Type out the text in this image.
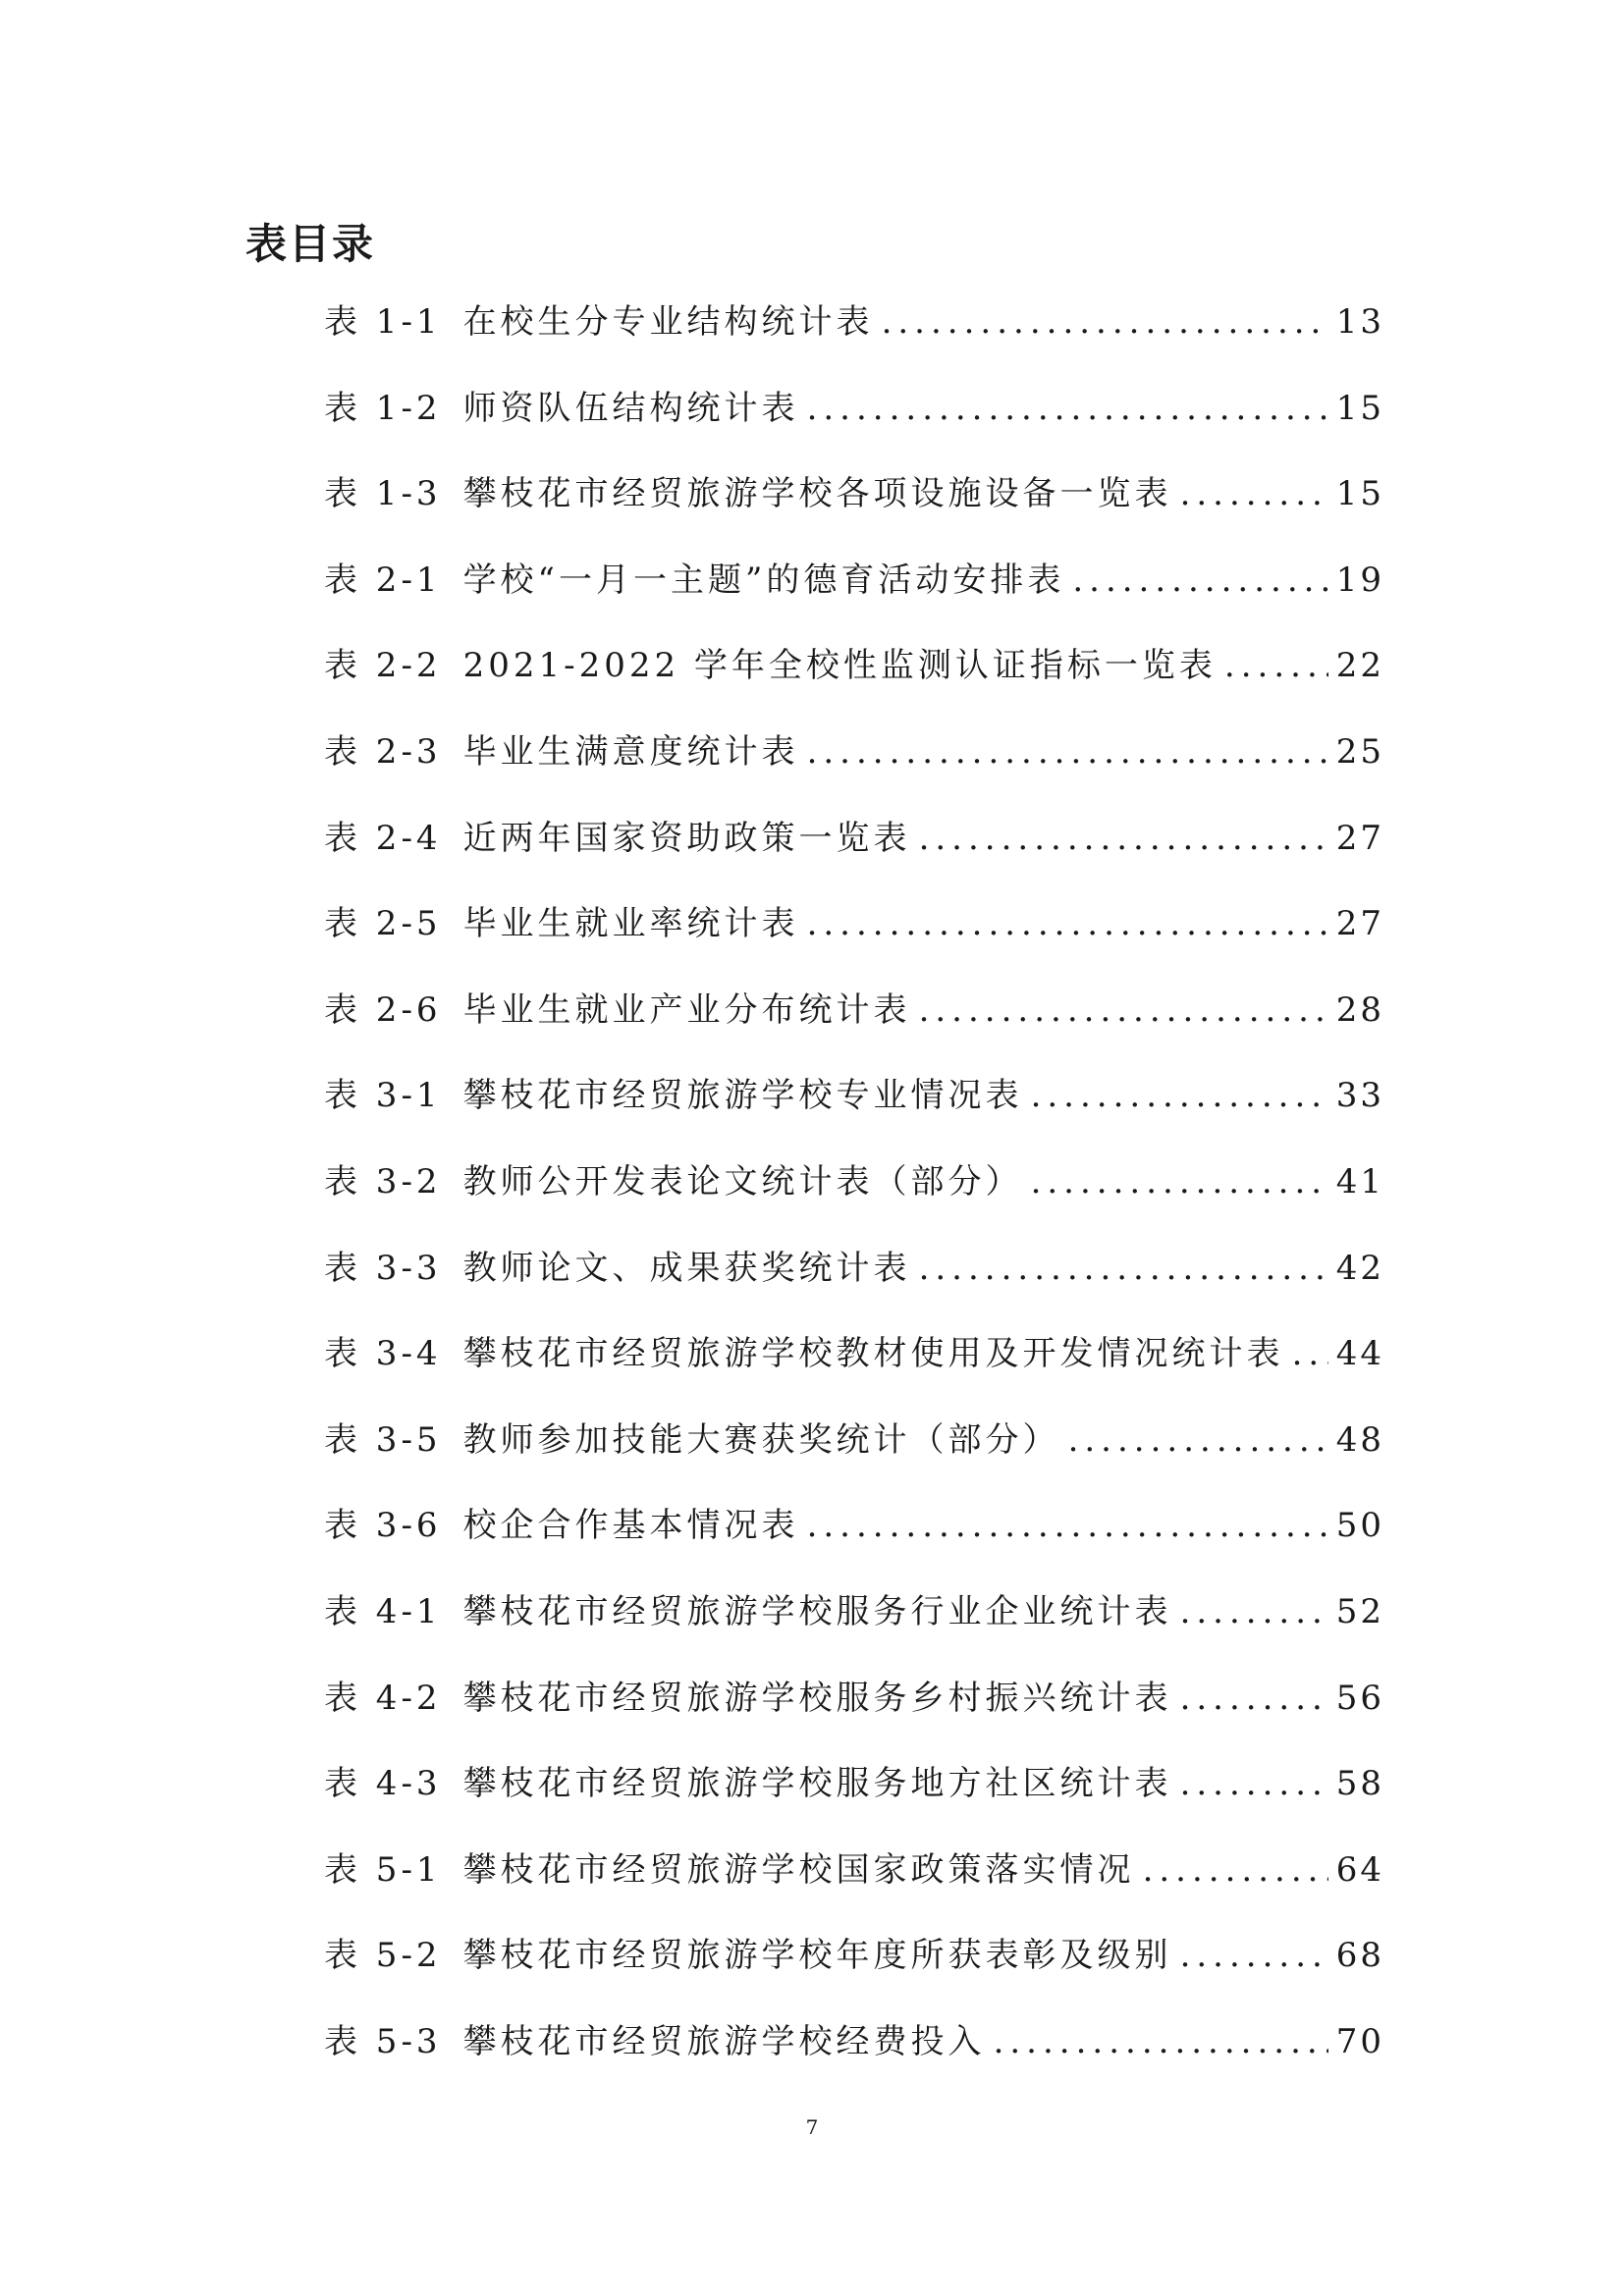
表目录
表 1-1 在校生分专业结构统计表 .....	13
表 1-2 师资队伍结构统计表 .....	15
表 1-3 攀枝花市经贸旅游学校各项设施设备一览表 .....	15
表 2-1 学校“一月一主题”的德育活动安排表 .....	19
表 2-2 2021-2022 学年全校性监测认证指标一览表 .....	22
表 2-3 毕业生满意度统计表 .....	25
表 2-4 近两年国家资助政策一览表 .....	27
表 2-5 毕业生就业率统计表 .....	27
表 2-6 毕业生就业产业分布统计表 .....	28
表 3-1 攀枝花市经贸旅游学校专业情况表 .....	33
表 3-2 教师公开发表论文统计表（部分） .....	41
表 3-3 教师论文、成果获奖统计表 .....	42
表 3-4 攀枝花市经贸旅游学校教材使用及开发情况统计表 ..... 44
表 3-5 教师参加技能大赛获奖统计（部分） .....	48
表 3-6 校企合作基本情况表 .....	50
表 4-1 攀枝花市经贸旅游学校服务行业企业统计表 .....	52
表 4-2 攀枝花市经贸旅游学校服务乡村振兴统计表 .....	56
表 4-3 攀枝花市经贸旅游学校服务地方社区统计表 .....	58
表 5-1 攀枝花市经贸旅游学校国家政策落实情况 .....	64
表 5-2 攀枝花市经贸旅游学校年度所获表彰及级别 .....	68
表 5-3 攀枝花市经贸旅游学校经费投入 .....	70
7
